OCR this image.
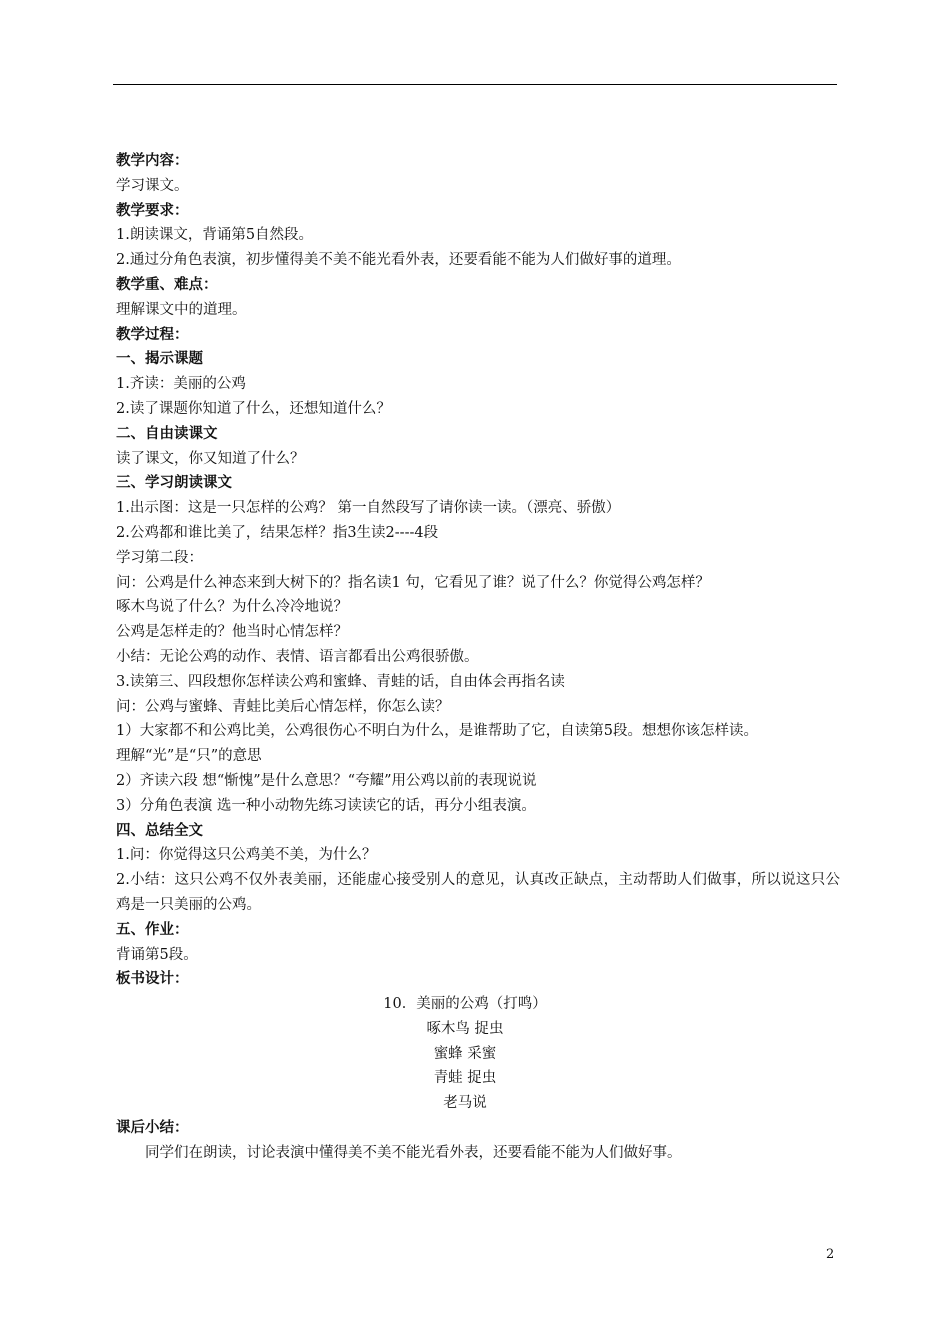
教学内容：
学习课文。
教学要求：
1.朗读课文，背诵第5自然段。
2.通过分角色表演，初步懂得美不美不能光看外表，还要看能不能为人们做好事的道理。
教学重、难点：
理解课文中的道理。
教学过程：
一、揭示课题
1.齐读：美丽的公鸡
2.读了课题你知道了什么，还想知道什么？
二、自由读课文
读了课文，你又知道了什么？
三、学习朗读课文
1.出示图：这是一只怎样的公鸡？ 第一自然段写了请你读一读。（漂亮、骄傲）
2.公鸡都和谁比美了，结果怎样？指3生读2----4段
学习第二段：
问：公鸡是什么神态来到大树下的？指名读1 句，它看见了谁？说了什么？你觉得公鸡怎样？
啄木鸟说了什么？为什么冷冷地说？
公鸡是怎样走的？他当时心情怎样？
小结：无论公鸡的动作、表情、语言都看出公鸡很骄傲。
3.读第三、四段想你怎样读公鸡和蜜蜂、青蛙的话，自由体会再指名读
问：公鸡与蜜蜂、青蛙比美后心情怎样，你怎么读？
1）大家都不和公鸡比美，公鸡很伤心不明白为什么，是谁帮助了它，自读第5段。想想你该怎样读。
理解“光”是“只”的意思
2）齐读六段 想“惭愧”是什么意思？“夸耀”用公鸡以前的表现说说
3）分角色表演 选一种小动物先练习读读它的话，再分小组表演。
四、总结全文
1.问：你觉得这只公鸡美不美，为什么？
2.小结：这只公鸡不仅外表美丽，还能虚心接受别人的意见，认真改正缺点，主动帮助人们做事，所以说这只公鸡是一只美丽的公鸡。
五、作业：
背诵第5段。
板书设计：
10．美丽的公鸡（打鸣）
啄木鸟 捉虫
蜜蜂 采蜜
青蛙 捉虫
老马说
课后小结：
同学们在朗读，讨论表演中懂得美不美不能光看外表，还要看能不能为人们做好事。
2
